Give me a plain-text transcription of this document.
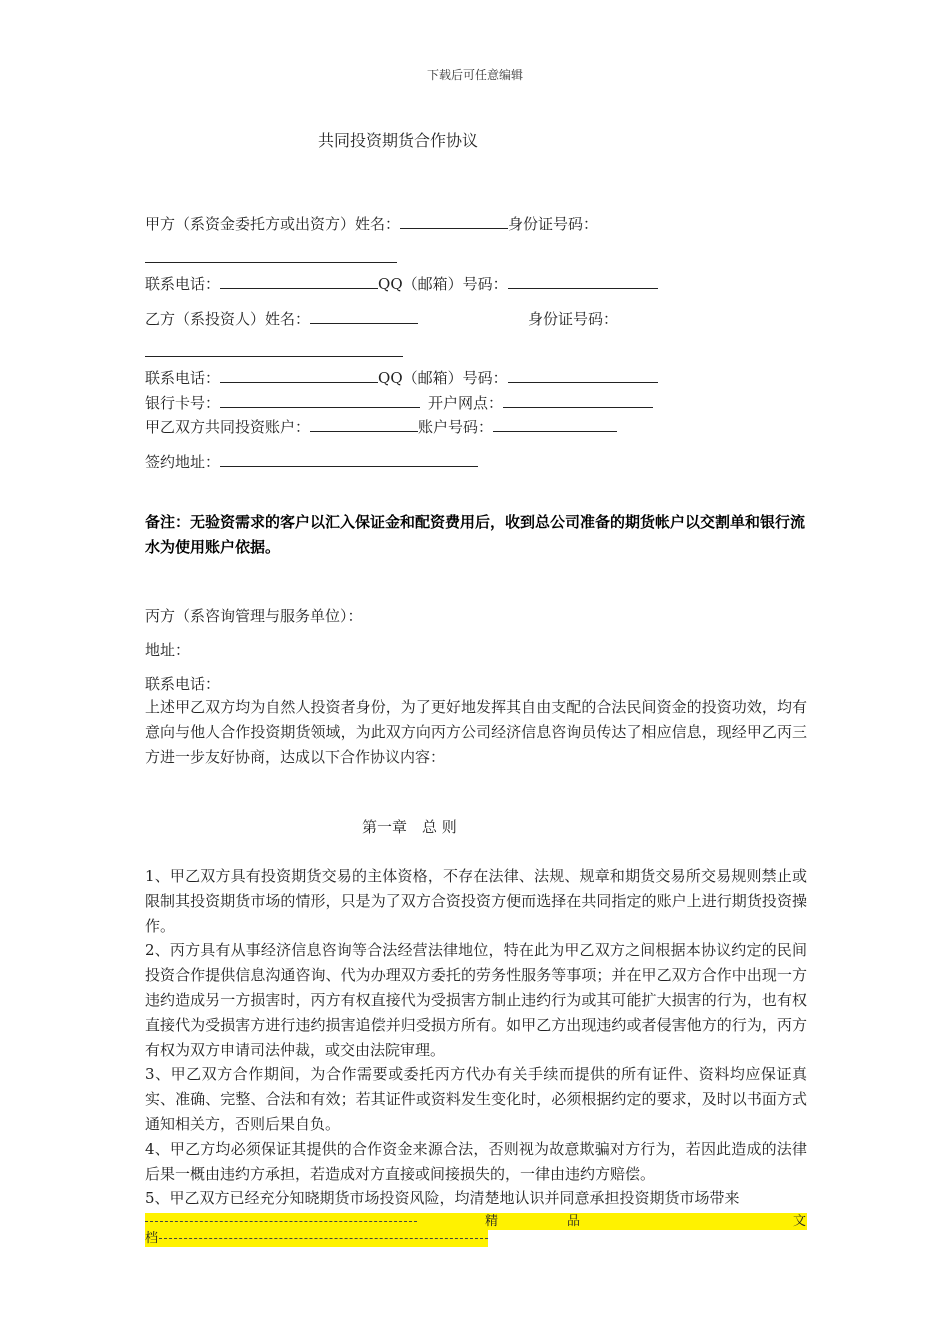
下载后可任意编辑
共同投资期货合作协议
甲方（系资金委托方或出资方）姓名：	身份证号码：
联系电话：	QQ（邮箱）号码：
乙方（系投资人）姓名：	身份证号码：
联系电话：	QQ（邮箱）号码：
银行卡号：	开户网点：
甲乙双方共同投资账户：	账户号码：
签约地址：
备注：无验资需求的客户以汇入保证金和配资费用后，收到总公司准备的期货帐户以交割单和银行流水为使用账户依据。
丙方（系咨询管理与服务单位）：
地址：
联系电话：
上述甲乙双方均为自然人投资者身份，为了更好地发挥其自由支配的合法民间资金的投资功效，均有意向与他人合作投资期货领域，为此双方向丙方公司经济信息咨询员传达了相应信息，现经甲乙丙三方进一步友好协商，达成以下合作协议内容：
第一章　总 则
1、甲乙双方具有投资期货交易的主体资格，不存在法律、法规、规章和期货交易所交易规则禁止或限制其投资期货市场的情形，只是为了双方合资投资方便而选择在共同指定的账户上进行期货投资操作。
2、丙方具有从事经济信息咨询等合法经营法律地位，特在此为甲乙双方之间根据本协议约定的民间投资合作提供信息沟通咨询、代为办理双方委托的劳务性服务等事项；并在甲乙双方合作中出现一方违约造成另一方损害时，丙方有权直接代为受损害方制止违约行为或其可能扩大损害的行为，也有权直接代为受损害方进行违约损害追偿并归受损方所有。如甲乙方出现违约或者侵害他方的行为，丙方有权为双方申请司法仲裁，或交由法院审理。
3、甲乙双方合作期间，为合作需要或委托丙方代办有关手续而提供的所有证件、资料均应保证真实、准确、完整、合法和有效；若其证件或资料发生变化时，必须根据约定的要求，及时以书面方式通知相关方，否则后果自负。
4、甲乙方均必须保证其提供的合作资金来源合法，否则视为故意欺骗对方行为，若因此造成的法律后果一概由违约方承担，若造成对方直接或间接损失的，一律由违约方赔偿。
5、甲乙双方已经充分知晓期货市场投资风险，均清楚地认识并同意承担投资期货市场带来
精	品	文
档
